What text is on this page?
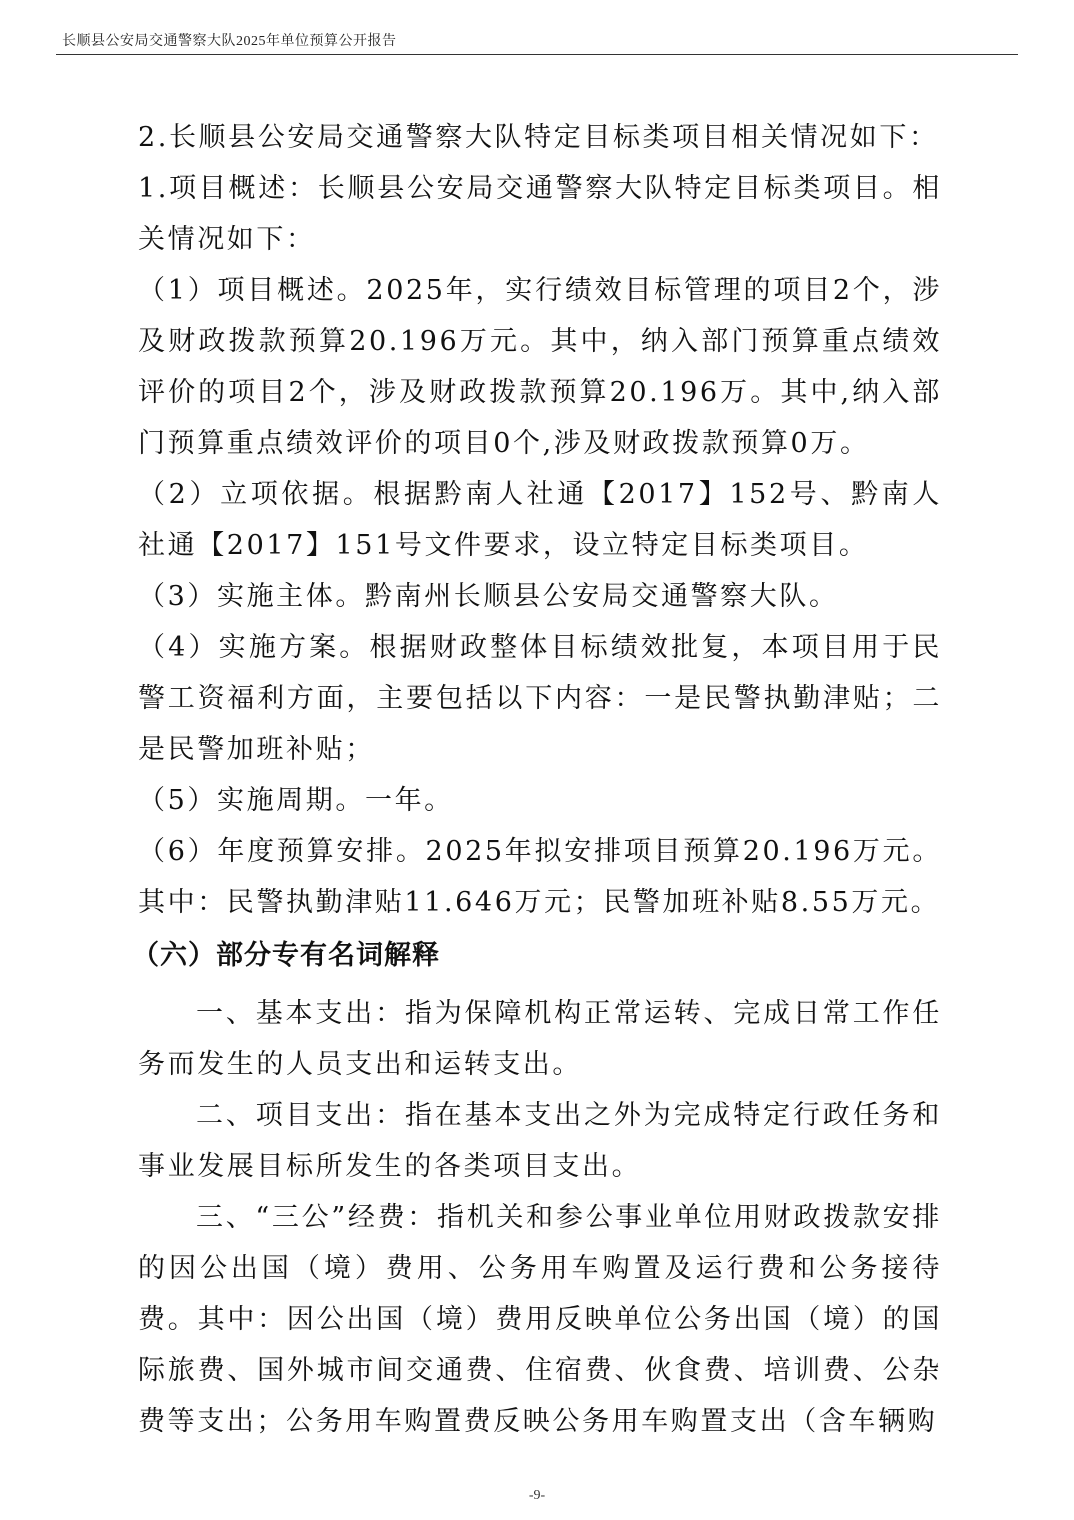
长顺县公安局交通警察大队2025年单位预算公开报告

2.长顺县公安局交通警察大队特定目标类项目相关情况如下：

1.项目概述：长顺县公安局交通警察大队特定目标类项目。相关情况如下：

（1）项目概述。2025年，实行绩效目标管理的项目2个，涉及财政拨款预算20.196万元。其中，纳入部门预算重点绩效评价的项目2个，涉及财政拨款预算20.196万。其中,纳入部门预算重点绩效评价的项目0个,涉及财政拨款预算0万。

（2）立项依据。根据黔南人社通【2017】152号、黔南人社通【2017】151号文件要求，设立特定目标类项目。

（3）实施主体。黔南州长顺县公安局交通警察大队。

（4）实施方案。根据财政整体目标绩效批复，本项目用于民警工资福利方面，主要包括以下内容：一是民警执勤津贴；二是民警加班补贴；

（5）实施周期。一年。

（6）年度预算安排。2025年拟安排项目预算20.196万元。其中：民警执勤津贴11.646万元；民警加班补贴8.55万元。

（六）部分专有名词解释

一、基本支出：指为保障机构正常运转、完成日常工作任务而发生的人员支出和运转支出。

二、项目支出：指在基本支出之外为完成特定行政任务和事业发展目标所发生的各类项目支出。

三、“三公”经费：指机关和参公事业单位用财政拨款安排的因公出国（境）费用、公务用车购置及运行费和公务接待费。其中：因公出国（境）费用反映单位公务出国（境）的国际旅费、国外城市间交通费、住宿费、伙食费、培训费、公杂费等支出；公务用车购置费反映公务用车购置支出（含车辆购

-9-
